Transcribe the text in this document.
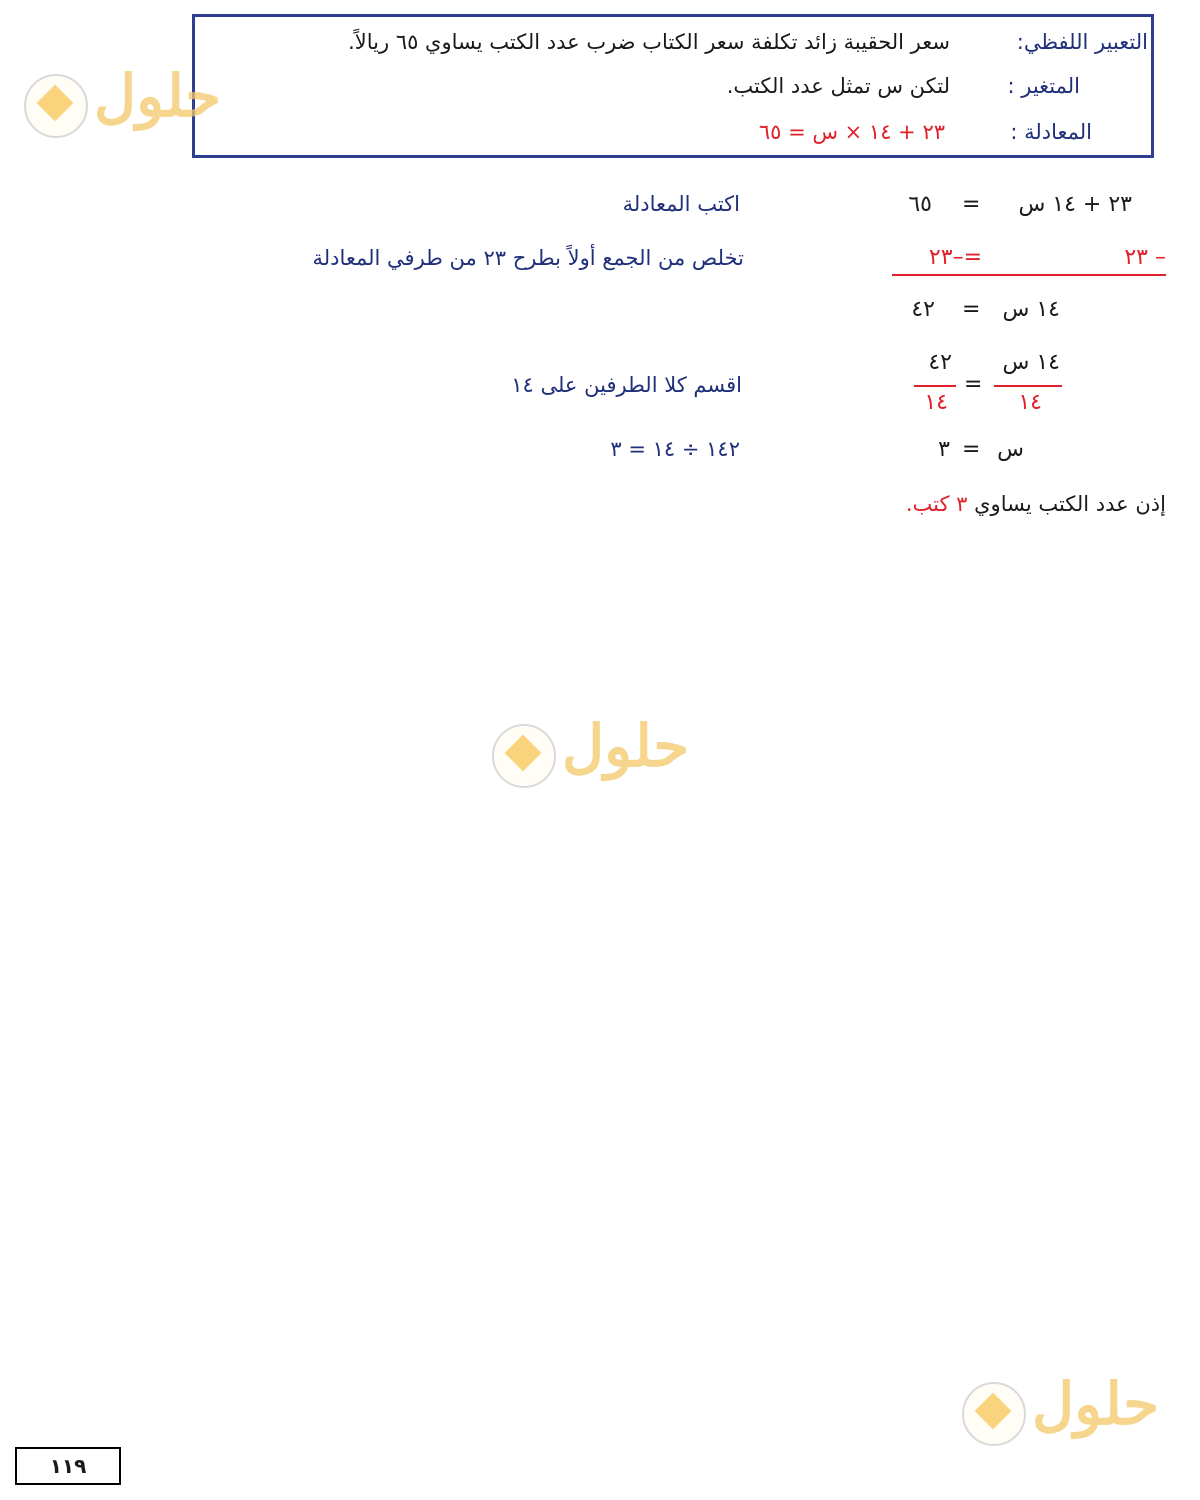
التعبير اللفظي:
سعر الحقيبة زائد تكلفة سعر الكتاب ضرب عدد الكتب يساوي ٦٥ ريالاً.
المتغير :
لتكن س تمثل عدد الكتب.
المعادلة :
٢٣ + ١٤ × س = ٦٥
٢٣ + ١٤ س
=
٦٥
اكتب المعادلة
– ٢٣
=–٢٣
تخلص من الجمع أولاً بطرح ٢٣ من طرفي المعادلة
١٤ س
=
٤٢
١٤ س
١٤
=
٤٢
١٤
اقسم كلا الطرفين على ١٤
س
=
٣
١٤٢ ÷ ١٤ = ٣
إذن عدد الكتب يساوي ٣ كتب.
حلول
حلول
حلول
١١٩
